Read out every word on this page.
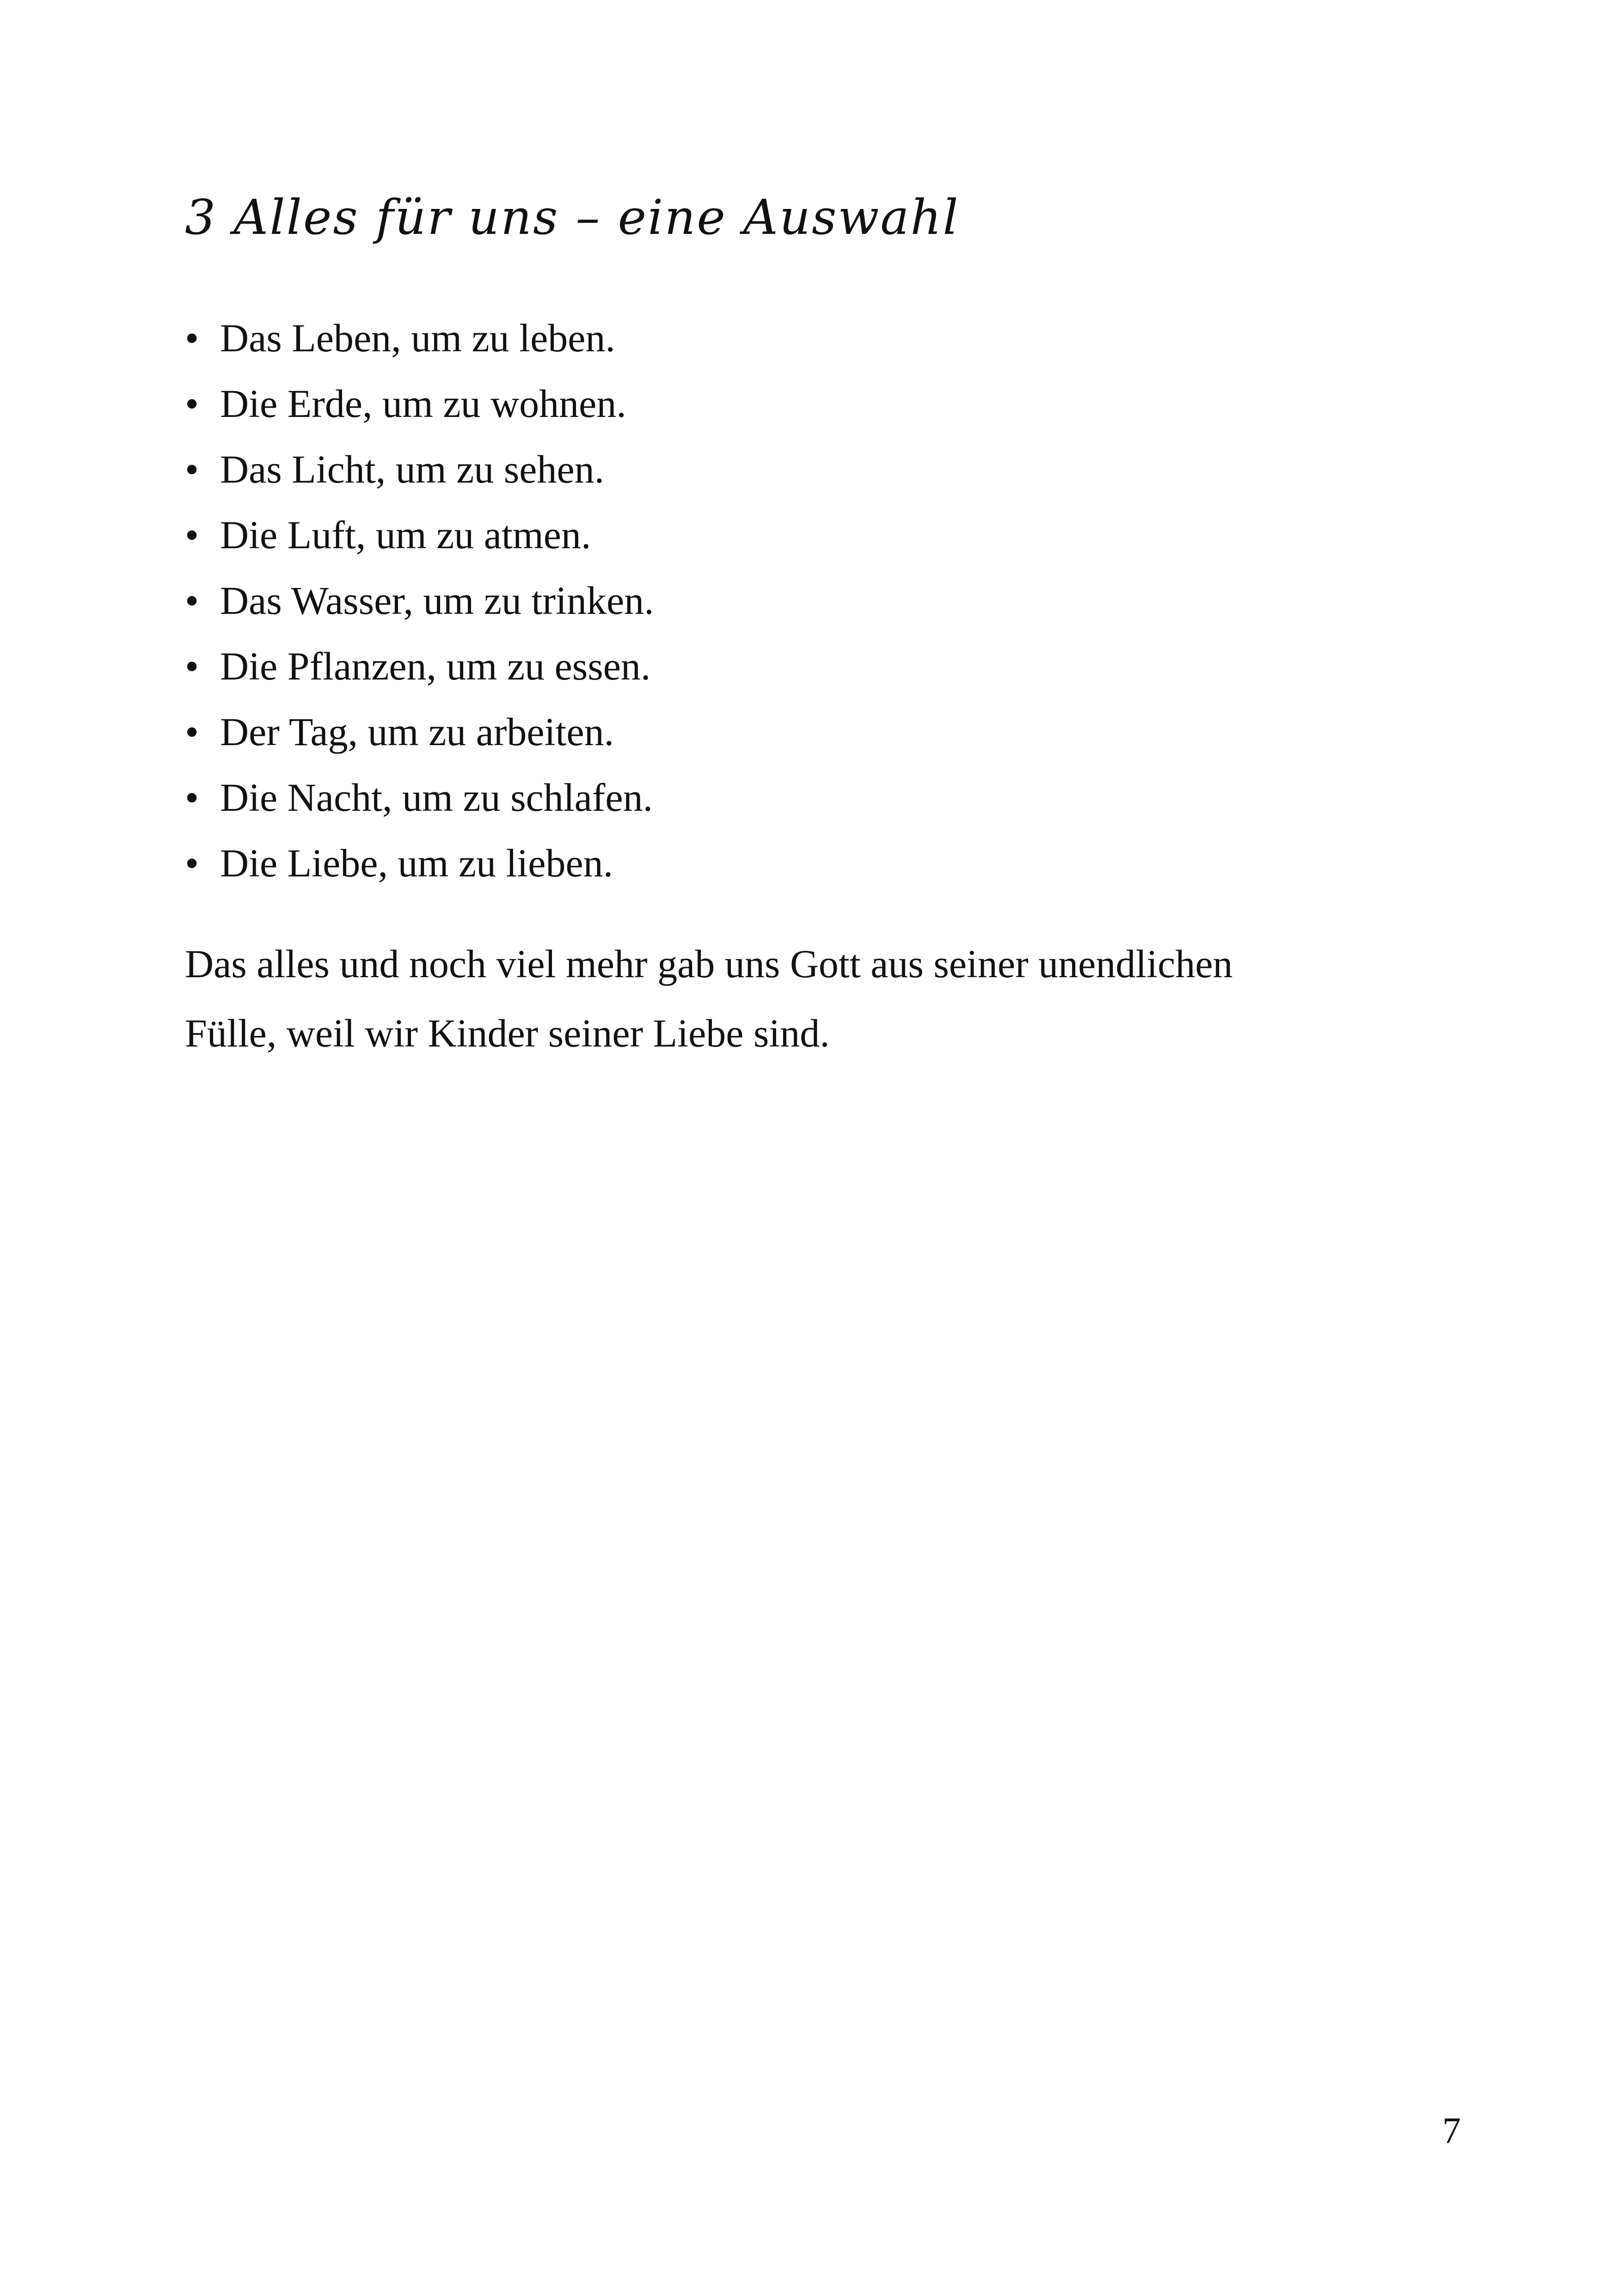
3 Alles für uns – eine Auswahl
• Das Leben, um zu leben.
• Die Erde, um zu wohnen.
• Das Licht, um zu sehen.
• Die Luft, um zu atmen.
• Das Wasser, um zu trinken.
• Die Pflanzen, um zu essen.
• Der Tag, um zu arbeiten.
• Die Nacht, um zu schlafen.
• Die Liebe, um zu lieben.

Das alles und noch viel mehr gab uns Gott aus seiner unendlichen
Fülle, weil wir Kinder seiner Liebe sind.

7
